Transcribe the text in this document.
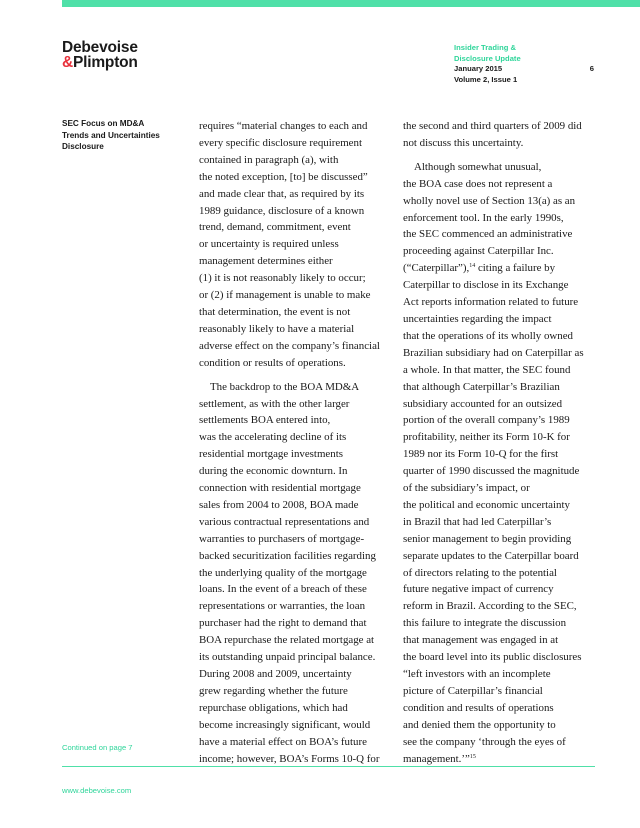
Debevoise
&Plimpton
Insider Trading &
Disclosure Update
January 2015
Volume 2, Issue 1
6
SEC Focus on MD&A
Trends and Uncertainties
Disclosure

requires “material changes to each and

every specific disclosure requirement

contained in paragraph (a), with

the noted exception, [to] be discussed”

and made clear that, as required by its

1989 guidance, disclosure of a known

trend, demand, commitment, event

or uncertainty is required unless

management determines either

(1) it is not reasonably likely to occur;

or (2) if management is unable to make

that determination, the event is not

reasonably likely to have a material

adverse effect on the company’s financial

condition or results of operations.

The backdrop to the BOA MD&A

settlement, as with the other larger

settlements BOA entered into,

was the accelerating decline of its

residential mortgage investments

during the economic downturn. In

connection with residential mortgage

sales from 2004 to 2008, BOA made

various contractual representations and

warranties to purchasers of mortgage-

backed securitization facilities regarding

the underlying quality of the mortgage

loans. In the event of a breach of these

representations or warranties, the loan

purchaser had the right to demand that

BOA repurchase the related mortgage at

its outstanding unpaid principal balance.

During 2008 and 2009, uncertainty

grew regarding whether the future

repurchase obligations, which had

become increasingly significant, would

have a material effect on BOA’s future

income; however, BOA’s Forms 10-Q for

the second and third quarters of 2009 did

not discuss this uncertainty.

Although somewhat unusual,

the BOA case does not represent a

wholly novel use of Section 13(a) as an

enforcement tool. In the early 1990s,

the SEC commenced an administrative

proceeding against Caterpillar Inc.

(“Caterpillar”),$^{14}$ citing a failure by

Caterpillar to disclose in its Exchange

Act reports information related to future

uncertainties regarding the impact

that the operations of its wholly owned

Brazilian subsidiary had on Caterpillar as

a whole. In that matter, the SEC found

that although Caterpillar’s Brazilian

subsidiary accounted for an outsized

portion of the overall company’s 1989

profitability, neither its Form 10-K for

1989 nor its Form 10-Q for the first

quarter of 1990 discussed the magnitude

of the subsidiary’s impact, or

the political and economic uncertainty

in Brazil that had led Caterpillar’s

senior management to begin providing

separate updates to the Caterpillar board

of directors relating to the potential

future negative impact of currency

reform in Brazil. According to the SEC,

this failure to integrate the discussion

that management was engaged in at

the board level into its public disclosures

“left investors with an incomplete

picture of Caterpillar’s financial

condition and results of operations

and denied them the opportunity to

see the company ‘through the eyes of

management.’”$^{15}$

Continued on page 7
www.debevoise.com
